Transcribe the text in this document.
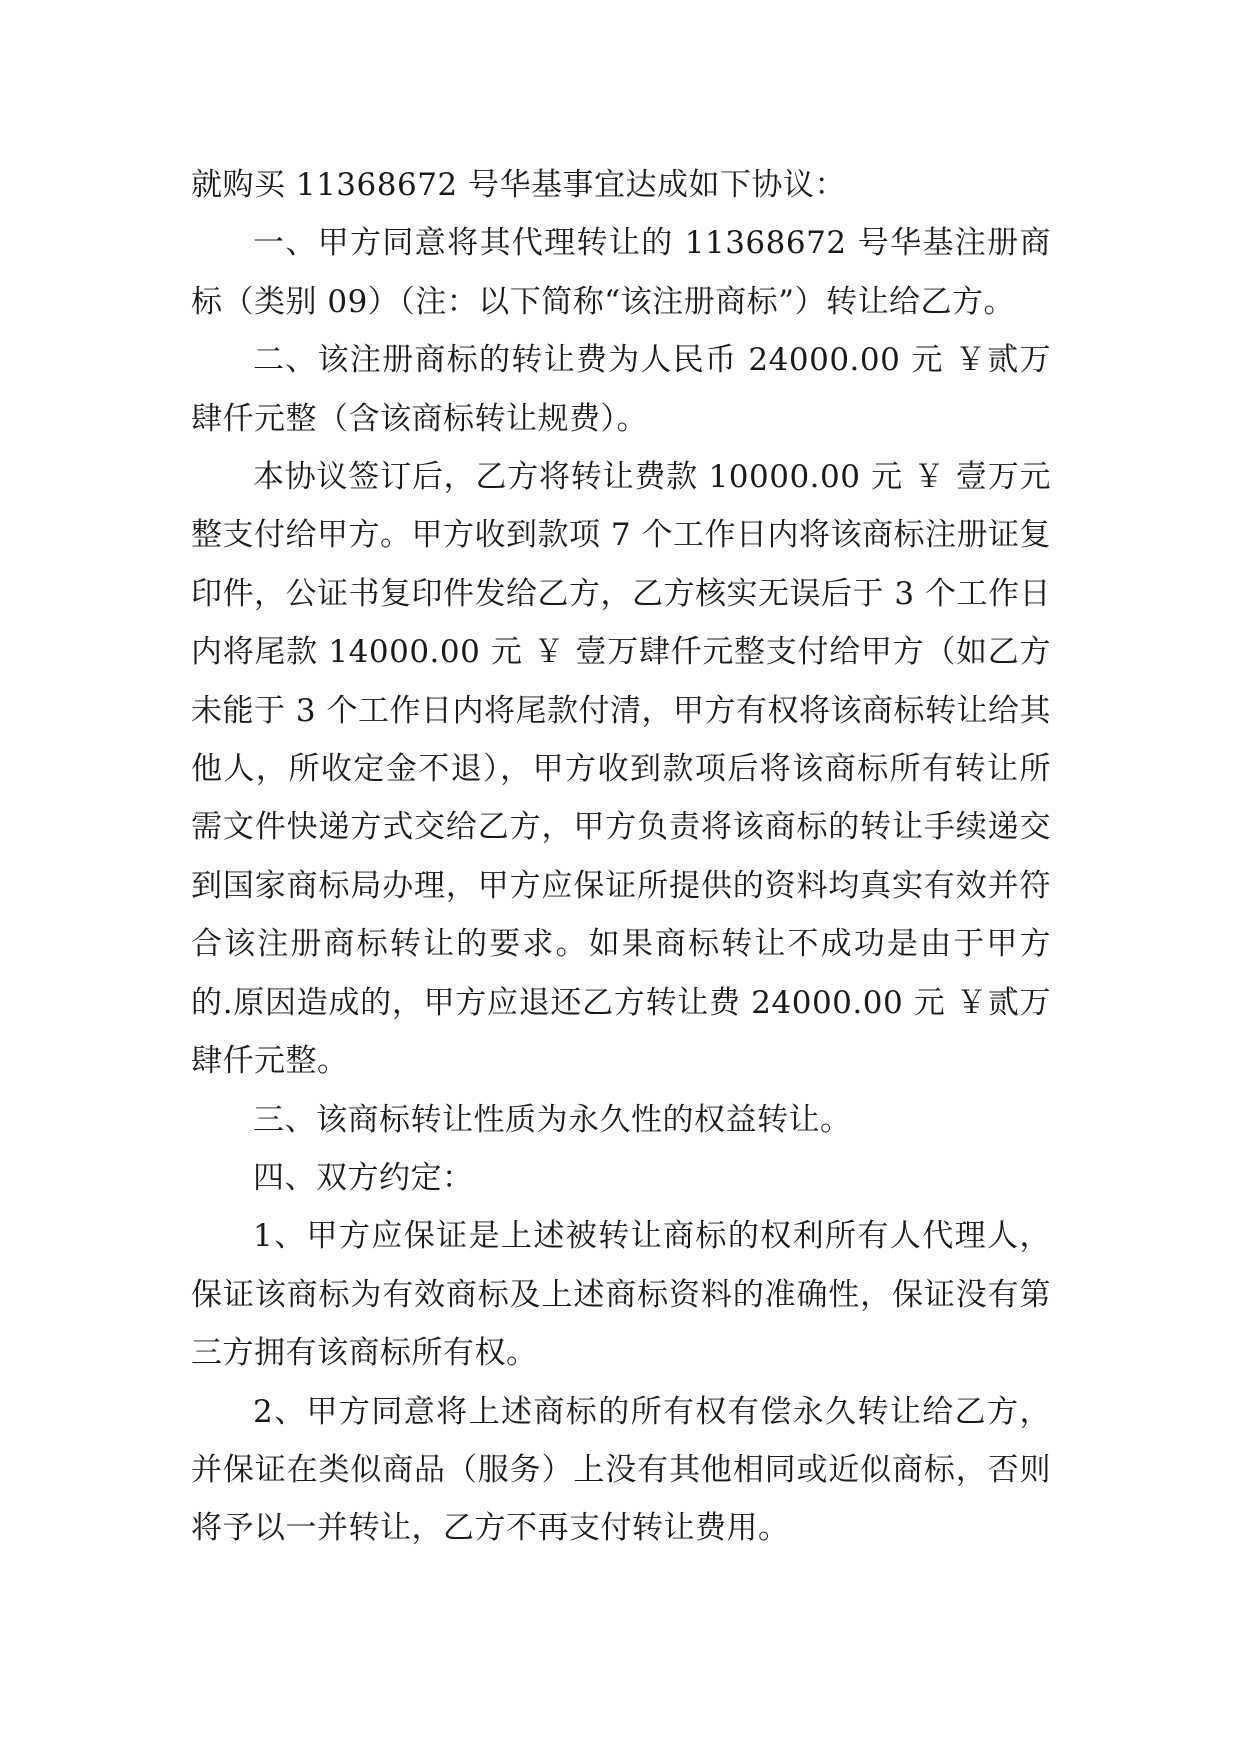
就购买 11368672 号华基事宜达成如下协议：

一、甲方同意将其代理转让的 11368672 号华基注册商标（类别 09）（注：以下简称“该注册商标”）转让给乙方。

二、该注册商标的转让费为人民币 24000.00 元 ￥贰万肆仟元整（含该商标转让规费）。

本协议签订后，乙方将转让费款 10000.00 元 ￥ 壹万元整支付给甲方。甲方收到款项 7 个工作日内将该商标注册证复印件，公证书复印件发给乙方，乙方核实无误后于 3 个工作日内将尾款 14000.00 元 ￥ 壹万肆仟元整支付给甲方（如乙方未能于 3 个工作日内将尾款付清，甲方有权将该商标转让给其他人，所收定金不退），甲方收到款项后将该商标所有转让所需文件快递方式交给乙方，甲方负责将该商标的转让手续递交到国家商标局办理，甲方应保证所提供的资料均真实有效并符合该注册商标转让的要求。如果商标转让不成功是由于甲方的.原因造成的，甲方应退还乙方转让费 24000.00 元 ￥贰万肆仟元整。

三、该商标转让性质为永久性的权益转让。

四、双方约定：

1、甲方应保证是上述被转让商标的权利所有人代理人，保证该商标为有效商标及上述商标资料的准确性，保证没有第三方拥有该商标所有权。

2、甲方同意将上述商标的所有权有偿永久转让给乙方，并保证在类似商品（服务）上没有其他相同或近似商标，否则将予以一并转让，乙方不再支付转让费用。
